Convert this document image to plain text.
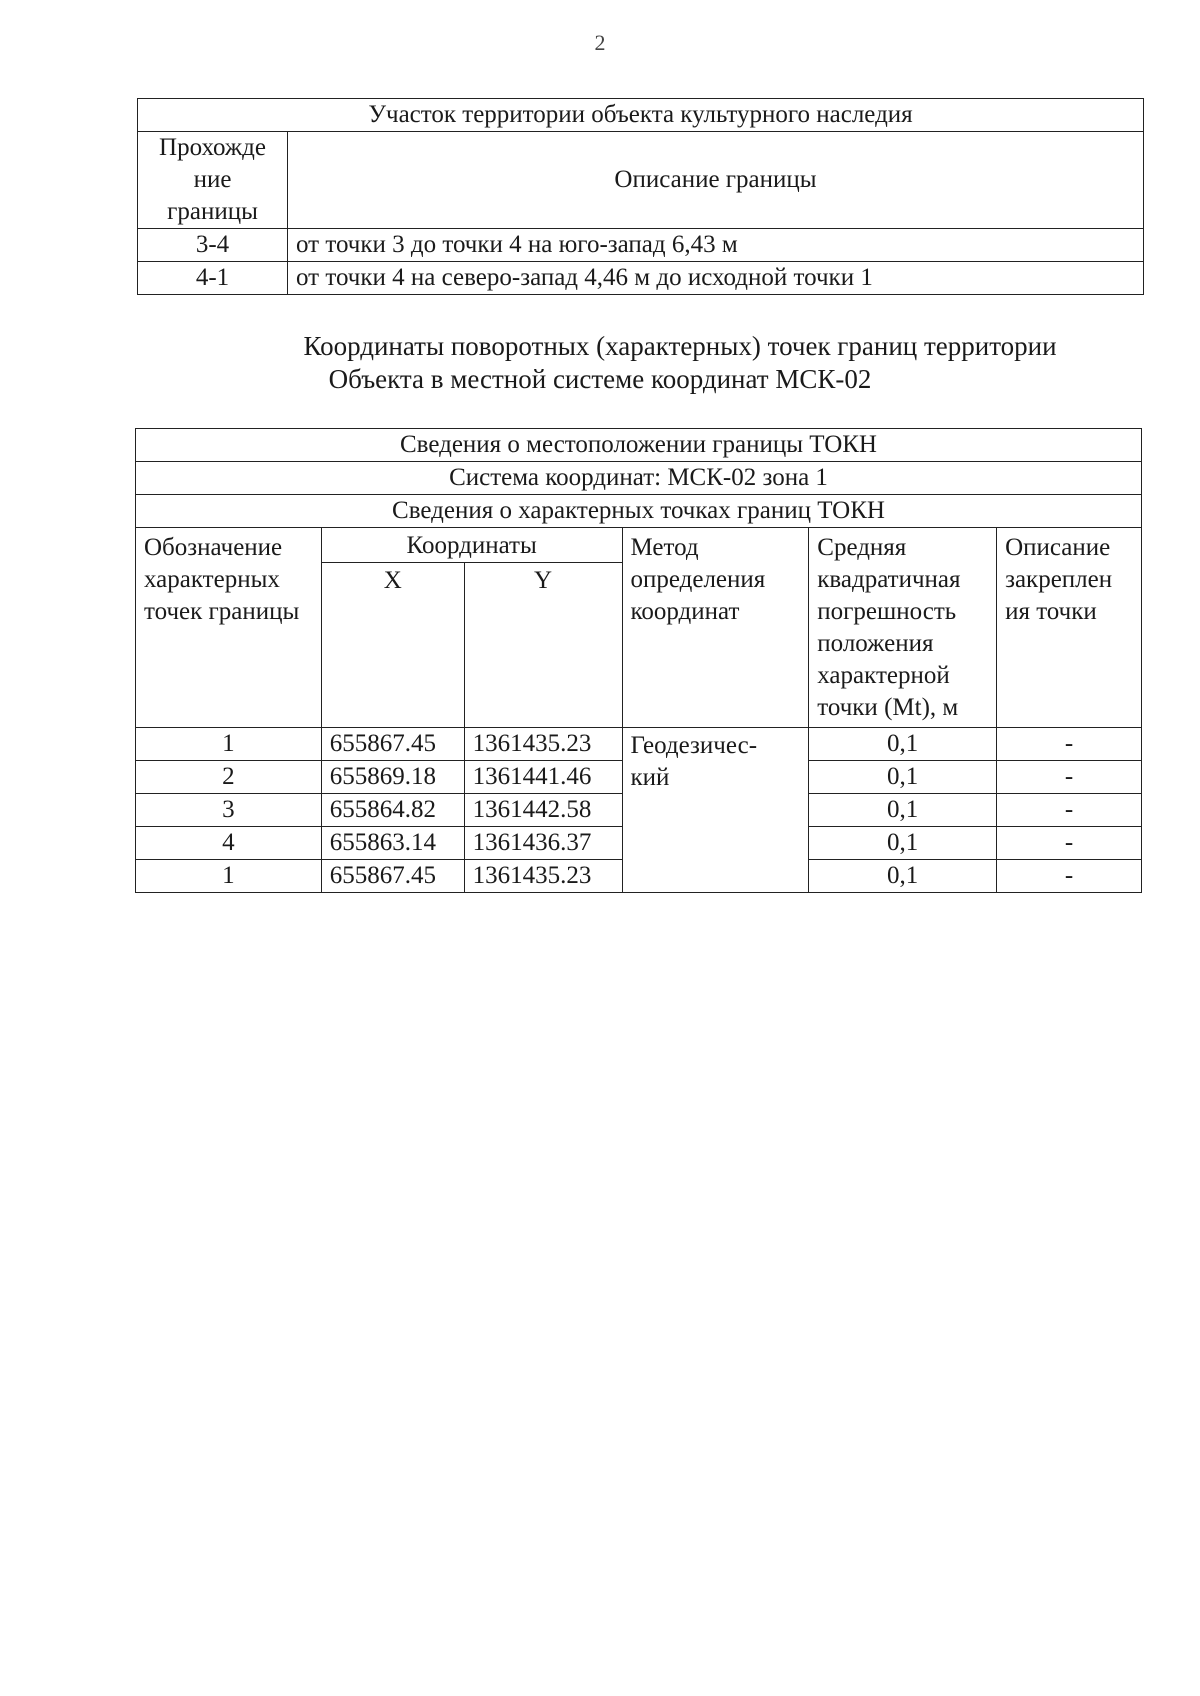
2
Участок территории объекта культурного наследия	
Прохожде ние границы	Описание границы
3-4	от точки 3 до точки 4 на юго-запад 6,43 м
4-1	от точки 4 на северо-запад 4,46 м до исходной точки 1
Координаты поворотных (характерных) точек границ территории
Объекта в местной системе координат МСК-02
Сведения о местоположении границы ТОКН					
Система координат: МСК-02 зона 1					
Сведения о характерных точках границ ТОКН					
Обозначение характерных точек границы	Координаты		Метод определения координат	Средняя квадратичная погрешность положения характерной точки (Mt), м	Описание закреплен ия точки
	X	Y			
1	655867.45	1361435.23	Геодезичес- кий	0,1	-
2	655869.18	1361441.46		0,1	-
3	655864.82	1361442.58		0,1	-
4	655863.14	1361436.37		0,1	-
1	655867.45	1361435.23		0,1	-
